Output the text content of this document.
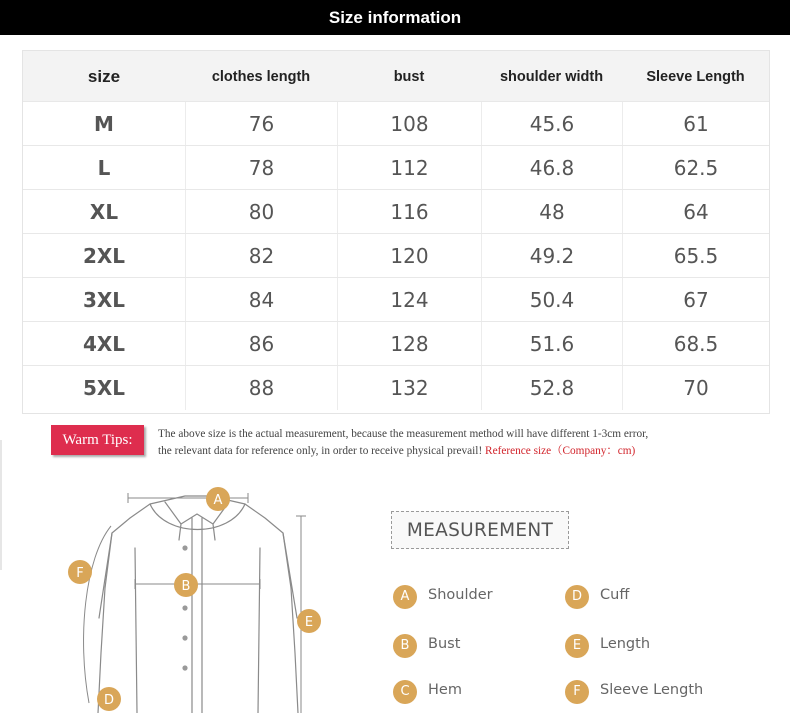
Size information
size	clothes length	bust	shoulder width	Sleeve Length
M	76	108	45.6	61
L	78	112	46.8	62.5
XL	80	116	48	64
2XL	82	120	49.2	65.5
3XL	84	124	50.4	67
4XL	86	128	51.6	68.5
5XL	88	132	52.8	70
Warm Tips:	The above size is the actual measurement, because the measurement method will have different 1-3cm error,
the relevant data for reference only, in order to receive physical prevail! Reference size（Company：cm)
A
B
D
E
F
MEASUREMENT
A	Shoulder
B	Bust
C	Hem
D	Cuff
E	Length
F	Sleeve Length
